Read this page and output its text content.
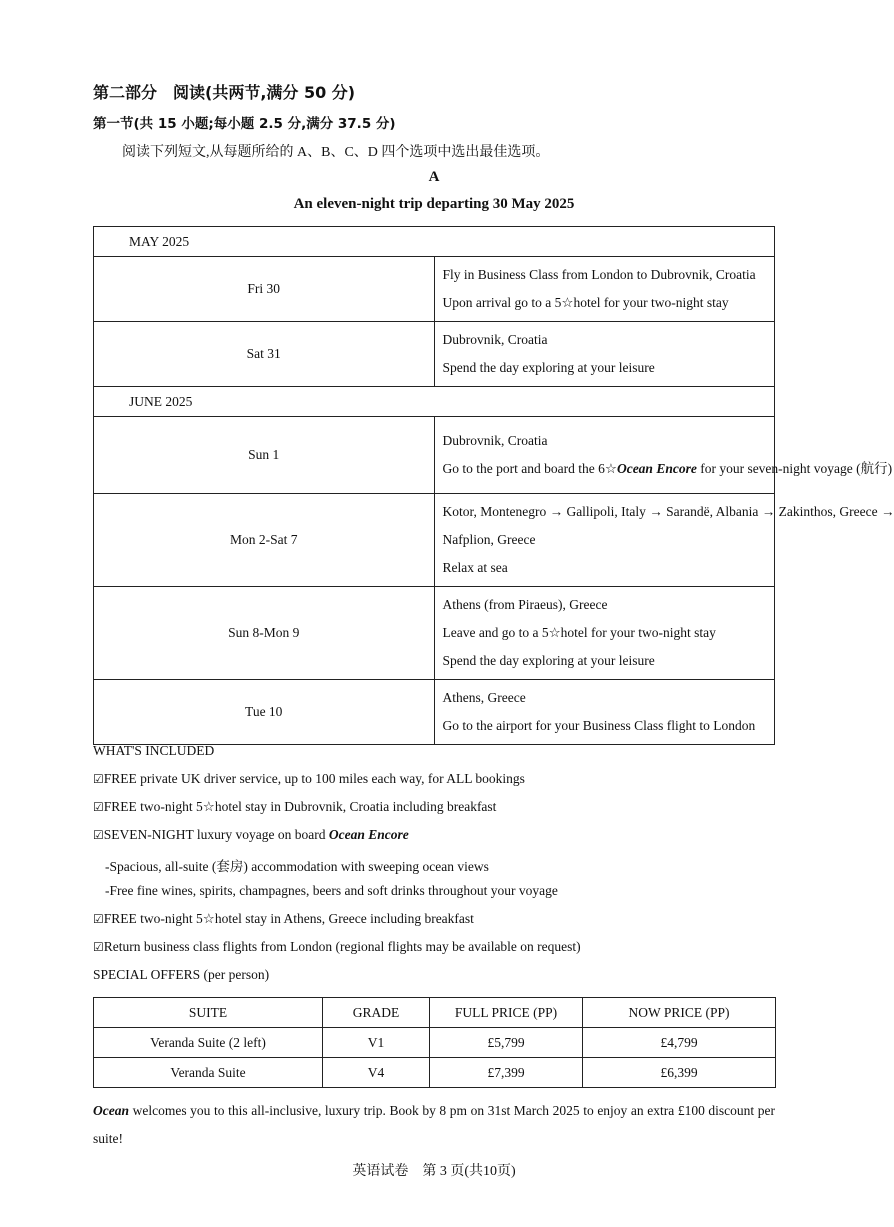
第二部分　阅读(共两节,满分 50 分)
第一节(共 15 小题;每小题 2.5 分,满分 37.5 分)
阅读下列短文,从每题所给的 A、B、C、D 四个选项中选出最佳选项。
A
An eleven-night trip departing 30 May 2025
MAY 2025	
Fri 30	Fly in Business Class from London to Dubrovnik, Croatia
Upon arrival go to a 5☆hotel for your two-night stay

Sat 31	Dubrovnik, Croatia
Spend the day exploring at your leisure

JUNE 2025	
Sun 1	Dubrovnik, Croatia
Go to the port and board the 6☆Ocean Encore for your seven-night voyage (航行)

Mon 2-Sat 7	Kotor, Montenegro → Gallipoli, Italy → Sarandë, Albania → Zakinthos, Greece →
Nafplion, Greece
Relax at sea

Sun 8-Mon 9	Athens (from Piraeus), Greece
Leave and go to a 5☆hotel for your two-night stay
Spend the day exploring at your leisure

Tue 10	Athens, Greece
Go to the airport for your Business Class flight to London
WHAT'S INCLUDED
☑FREE private UK driver service, up to 100 miles each way, for ALL bookings
☑FREE two-night 5☆hotel stay in Dubrovnik, Croatia including breakfast
☑SEVEN-NIGHT luxury voyage on board Ocean Encore
-Spacious, all-suite (套房) accommodation with sweeping ocean views
-Free fine wines, spirits, champagnes, beers and soft drinks throughout your voyage
☑FREE two-night 5☆hotel stay in Athens, Greece including breakfast
☑Return business class flights from London (regional flights may be available on request)
SPECIAL OFFERS (per person)
SUITE	GRADE	FULL PRICE (PP)	NOW PRICE (PP)
Veranda Suite (2 left)	V1	£5,799	£4,799
Veranda Suite	V4	£7,399	£6,399
Ocean welcomes you to this all-inclusive, luxury trip. Book by 8 pm on 31st March 2025 to enjoy an extra £100 discount per suite!
英语试卷　第 3 页(共10页)
